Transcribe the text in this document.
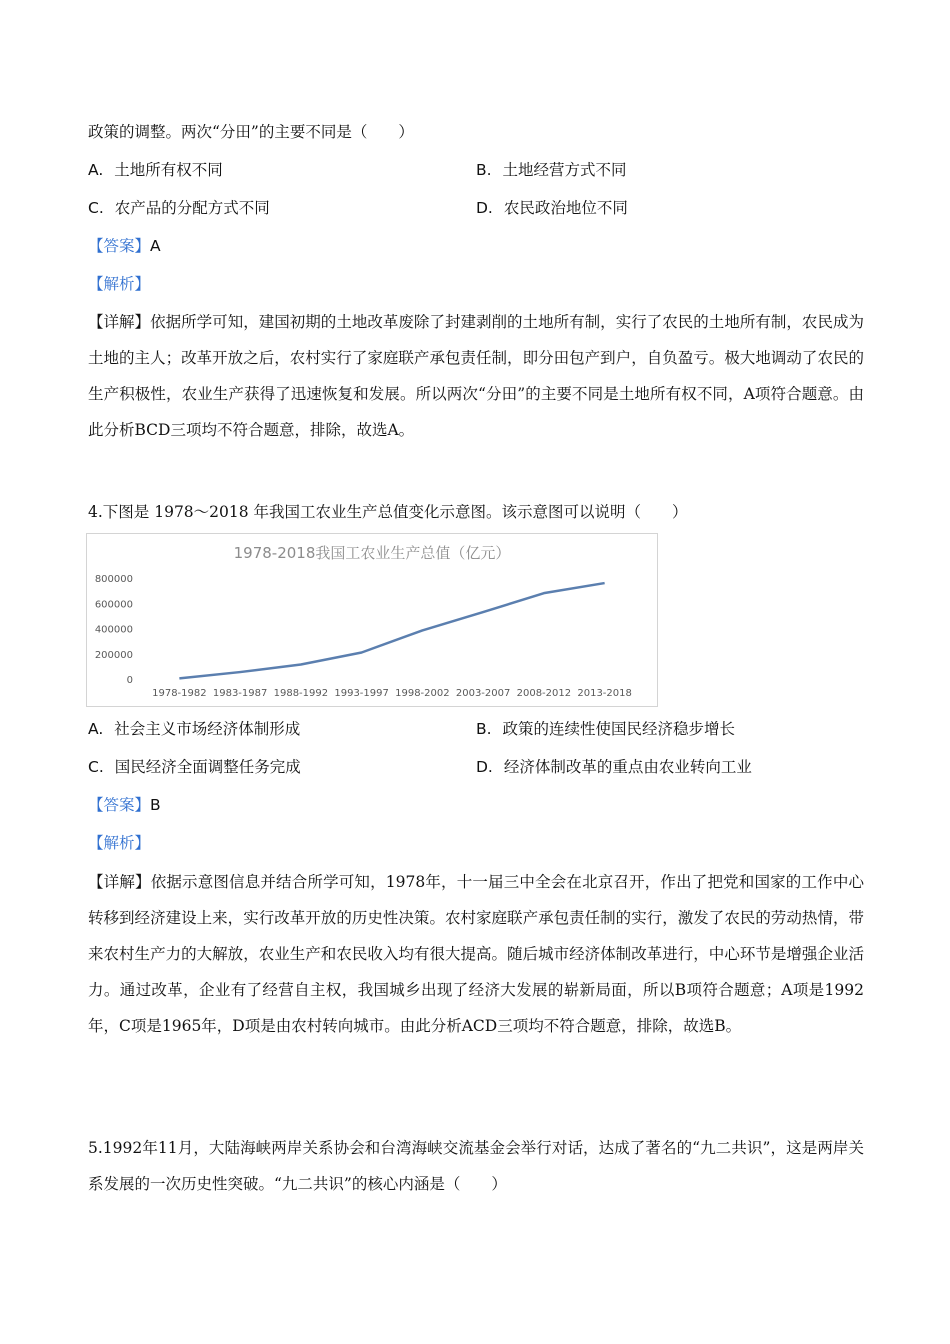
政策的调整。两次“分田”的主要不同是（　　）
A. 土地所有权不同	B. 土地经营方式不同
C. 农产品的分配方式不同	D. 农民政治地位不同
【答案】A
【解析】
【详解】依据所学可知，建国初期的土地改革废除了封建剥削的土地所有制，实行了农民的土地所有制，农民成为土地的主人；改革开放之后，农村实行了家庭联产承包责任制，即分田包产到户，自负盈亏。极大地调动了农民的生产积极性，农业生产获得了迅速恢复和发展。所以两次“分田”的主要不同是土地所有权不同，A项符合题意。由此分析BCD三项均不符合题意，排除，故选A。
4.下图是 1978～2018 年我国工农业生产总值变化示意图。该示意图可以说明（　　）
1978-2018我国工农业生产总值（亿元）
0
200000
400000
600000
800000
1978-1982 1983-1987 1988-1992 1993-1997 1998-2002 2003-2007 2008-2012 2013-2018
A. 社会主义市场经济体制形成	B. 政策的连续性使国民经济稳步增长
C. 国民经济全面调整任务完成	D. 经济体制改革的重点由农业转向工业
【答案】B
【解析】
【详解】依据示意图信息并结合所学可知，1978年，十一届三中全会在北京召开，作出了把党和国家的工作中心转移到经济建设上来，实行改革开放的历史性决策。农村家庭联产承包责任制的实行，激发了农民的劳动热情，带来农村生产力的大解放，农业生产和农民收入均有很大提高。随后城市经济体制改革进行，中心环节是增强企业活力。通过改革，企业有了经营自主权，我国城乡出现了经济大发展的崭新局面，所以B项符合题意；A项是1992年，C项是1965年，D项是由农村转向城市。由此分析ACD三项均不符合题意，排除，故选B。
5.1992年11月，大陆海峡两岸关系协会和台湾海峡交流基金会举行对话，达成了著名的“九二共识”，这是两岸关系发展的一次历史性突破。“九二共识”的核心内涵是（　　）
